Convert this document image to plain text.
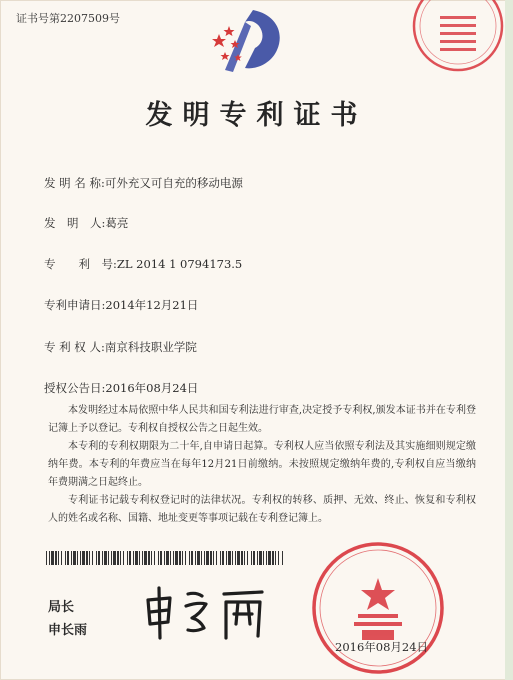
证书号第2207509号
发明专利证书
发 明 名 称:可外充又可自充的移动电源
发　明　人:葛亮
专　　利　号:ZL 2014 1 0794173.5
专利申请日:2014年12月21日
专 利 权 人:南京科技职业学院
授权公告日:2016年08月24日
本发明经过本局依照中华人民共和国专利法进行审查,决定授予专利权,颁发本证书并在专利登记簿上予以登记。专利权自授权公告之日起生效。
本专利的专利权期限为二十年,自申请日起算。专利权人应当依照专利法及其实施细则规定缴纳年费。本专利的年费应当在每年12月21日前缴纳。未按照规定缴纳年费的,专利权自应当缴纳年费期满之日起终止。
专利证书记载专利权登记时的法律状况。专利权的转移、质押、无效、终止、恢复和专利权人的姓名或名称、国籍、地址变更等事项记载在专利登记簿上。
局长
申长雨
2016年08月24日
